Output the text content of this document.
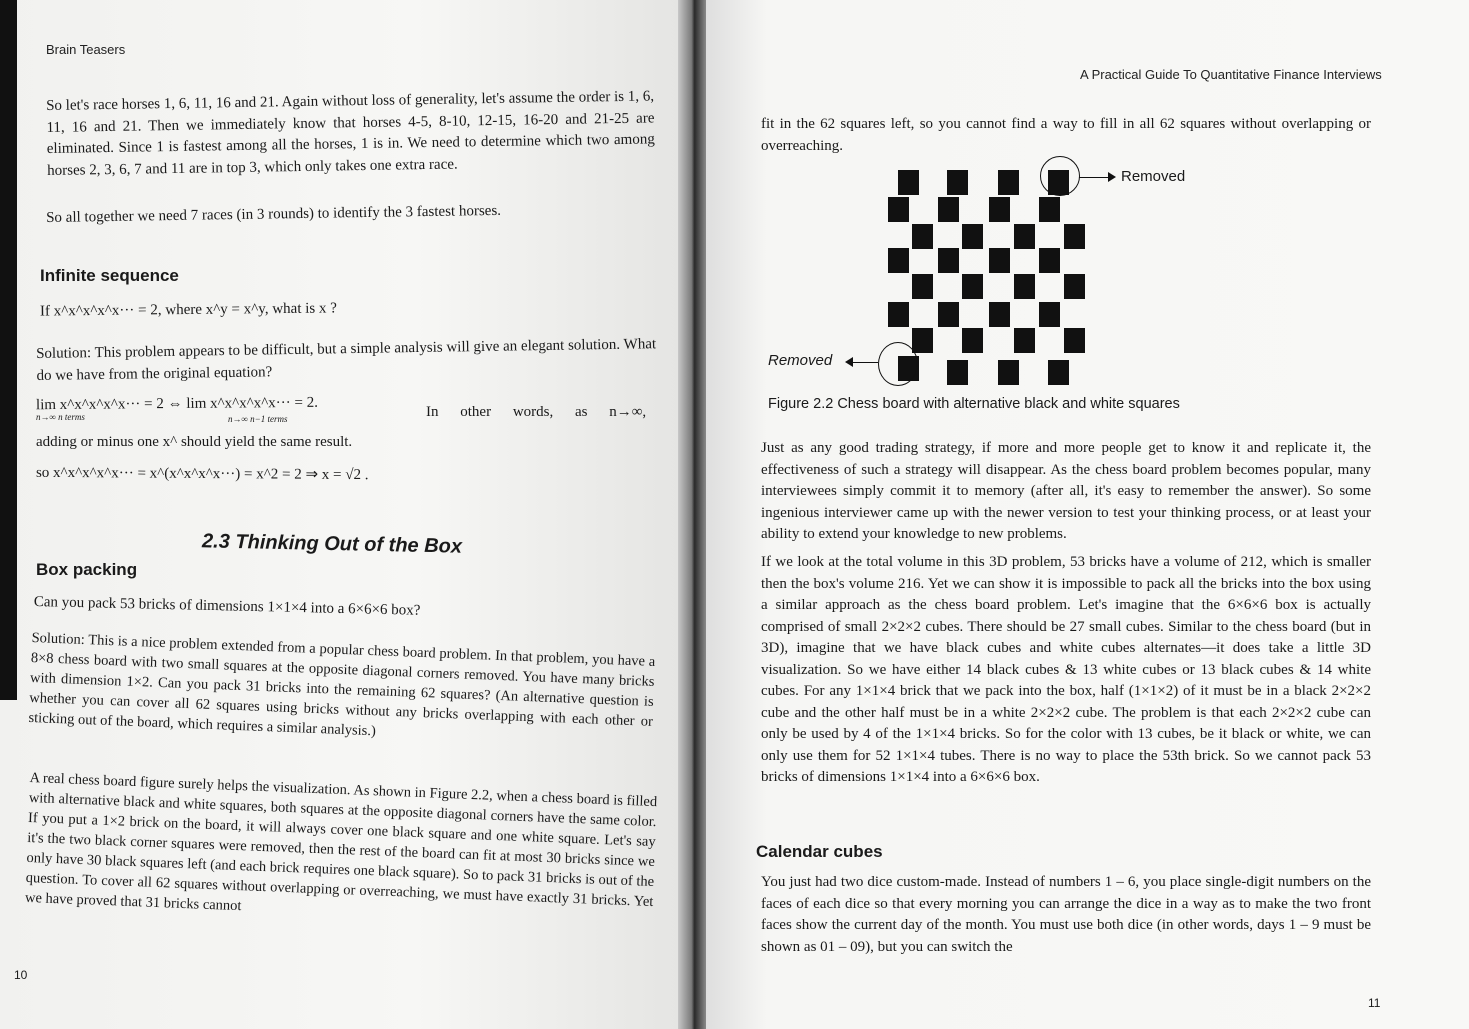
Brain Teasers

So let's race horses 1, 6, 11, 16 and 21. Again without loss of generality, let's assume the order is 1, 6, 11, 16 and 21. Then we immediately know that horses 4-5, 8-10, 12-15, 16-20 and 21-25 are eliminated. Since 1 is fastest among all the horses, 1 is in. We need to determine which two among horses 2, 3, 6, 7 and 11 are in top 3, which only takes one extra race.

So all together we need 7 races (in 3 rounds) to identify the 3 fastest horses.

Infinite sequence
If x^x^x^x^x··· = 2, where x^y = x^y, what is x ?

Solution: This problem appears to be difficult, but a simple analysis will give an elegant solution. What do we have from the original equation?

lim x^x^x^x^x··· = 2 ⇔ lim x^x^x^x^x··· = 2.
n→∞ n terms	n→∞ n−1 terms	In other words, as n→∞,
adding or minus one x^ should yield the same result.
so x^x^x^x^x··· = x^(x^x^x^x···) = x^2 = 2 ⇒ x = √2 .
2.3 Thinking Out of the Box
Box packing
Can you pack 53 bricks of dimensions 1×1×4 into a 6×6×6 box?

Solution: This is a nice problem extended from a popular chess board problem. In that problem, you have a 8×8 chess board with two small squares at the opposite diagonal corners removed. You have many bricks with dimension 1×2. Can you pack 31 bricks into the remaining 62 squares? (An alternative question is whether you can cover all 62 squares using bricks without any bricks overlapping with each other or sticking out of the board, which requires a similar analysis.)

A real chess board figure surely helps the visualization. As shown in Figure 2.2, when a chess board is filled with alternative black and white squares, both squares at the opposite diagonal corners have the same color. If you put a 1×2 brick on the board, it will always cover one black square and one white square. Let's say it's the two black corner squares were removed, then the rest of the board can fit at most 30 bricks since we only have 30 black squares left (and each brick requires one black square). So to pack 31 bricks is out of the question. To cover all 62 squares without overlapping or overreaching, we must have exactly 31 bricks. Yet we have proved that 31 bricks cannot

10
A Practical Guide To Quantitative Finance Interviews

fit in the 62 squares left, so you cannot find a way to fill in all 62 squares without overlapping or overreaching.

Figure 2.2 Chess board with alternative black and white squares

Just as any good trading strategy, if more and more people get to know it and replicate it, the effectiveness of such a strategy will disappear. As the chess board problem becomes popular, many interviewees simply commit it to memory (after all, it's easy to remember the answer). So some ingenious interviewer came up with the newer version to test your thinking process, or at least your ability to extend your knowledge to new problems.

If we look at the total volume in this 3D problem, 53 bricks have a volume of 212, which is smaller then the box's volume 216. Yet we can show it is impossible to pack all the bricks into the box using a similar approach as the chess board problem. Let's imagine that the 6×6×6 box is actually comprised of small 2×2×2 cubes. There should be 27 small cubes. Similar to the chess board (but in 3D), imagine that we have black cubes and white cubes alternates—it does take a little 3D visualization. So we have either 14 black cubes & 13 white cubes or 13 black cubes & 14 white cubes. For any 1×1×4 brick that we pack into the box, half (1×1×2) of it must be in a black 2×2×2 cube and the other half must be in a white 2×2×2 cube. The problem is that each 2×2×2 cube can only be used by 4 of the 1×1×4 bricks. So for the color with 13 cubes, be it black or white, we can only use them for 52 1×1×4 tubes. There is no way to place the 53th brick. So we cannot pack 53 bricks of dimensions 1×1×4 into a 6×6×6 box.

Calendar cubes

You just had two dice custom-made. Instead of numbers 1 – 6, you place single-digit numbers on the faces of each dice so that every morning you can arrange the dice in a way as to make the two front faces show the current day of the month. You must use both dice (in other words, days 1 – 9 must be shown as 01 – 09), but you can switch the

11
Removed
Removed
